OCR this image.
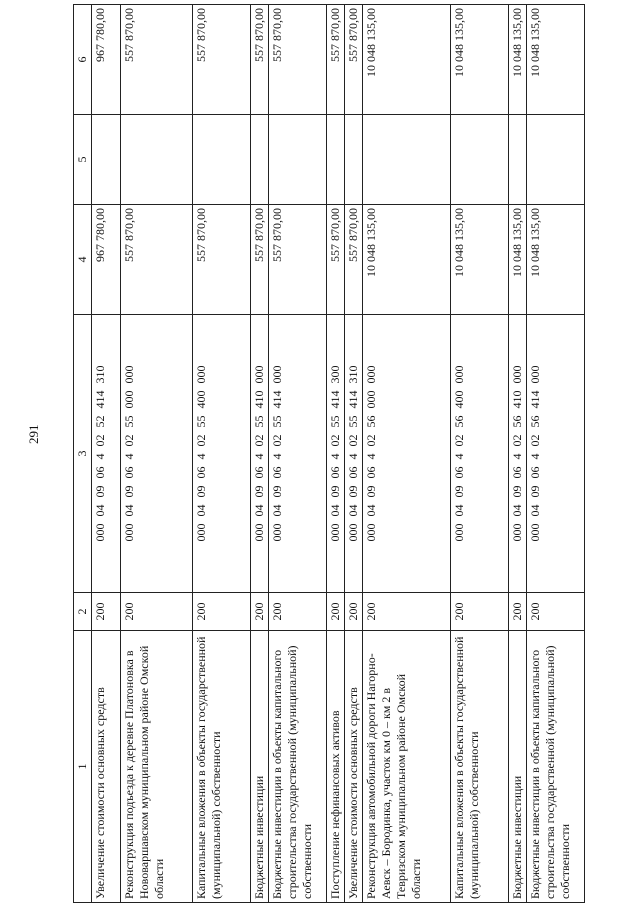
291
1	2	3	4	5	6
Увеличение стоимости основных средств	200	000 04 09 06 4 02 52 414 310	967 780,00		967 780,00
Реконструкция подъезда к деревне Платоновка в Нововаршавском муниципальном районе Омской области	200	000 04 09 06 4 02 55 000 000	557 870,00		557 870,00
Капитальные вложения в объекты государственной (муниципальной) собственности	200	000 04 09 06 4 02 55 400 000	557 870,00		557 870,00
Бюджетные инвестиции	200	000 04 09 06 4 02 55 410 000	557 870,00		557 870,00
Бюджетные инвестиции в объекты капитального строительства государственной (муниципальной) собственности	200	000 04 09 06 4 02 55 414 000	557 870,00		557 870,00
Поступление нефинансовых активов	200	000 04 09 06 4 02 55 414 300	557 870,00		557 870,00
Увеличение стоимости основных средств	200	000 04 09 06 4 02 55 414 310	557 870,00		557 870,00
Реконструкция автомобильной дороги Нагорно-Аевск – Бородинка, участок км 0 – км 2 в Тевризском муниципальном районе Омской области	200	000 04 09 06 4 02 56 000 000	10 048 135,00		10 048 135,00
Капитальные вложения в объекты государственной (муниципальной) собственности	200	000 04 09 06 4 02 56 400 000	10 048 135,00		10 048 135,00
Бюджетные инвестиции	200	000 04 09 06 4 02 56 410 000	10 048 135,00		10 048 135,00
Бюджетные инвестиции в объекты капитального строительства государственной (муниципальной) собственности	200	000 04 09 06 4 02 56 414 000	10 048 135,00		10 048 135,00
